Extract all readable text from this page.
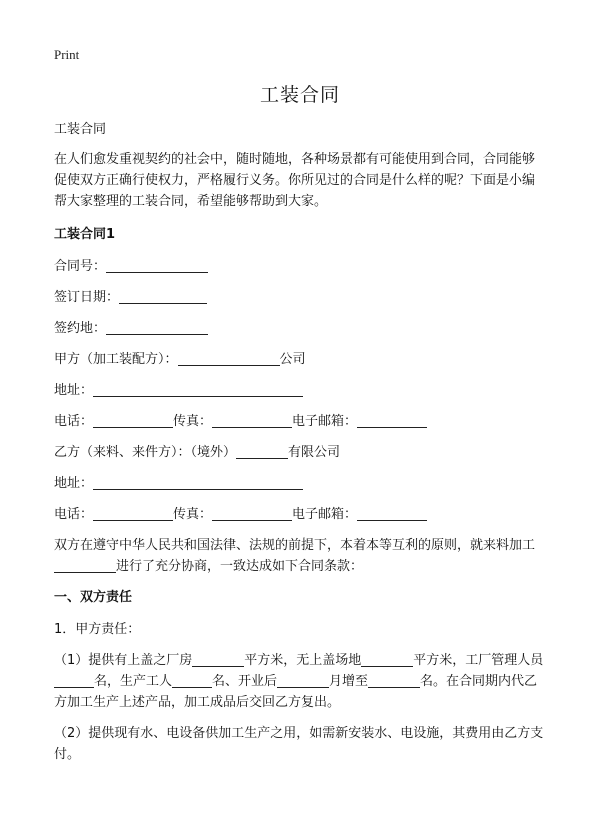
Print
工装合同

工装合同

在人们愈发重视契约的社会中，随时随地，各种场景都有可能使用到合同，合同能够促使双方正确行使权力，严格履行义务。你所见过的合同是什么样的呢？下面是小编帮大家整理的工装合同，希望能够帮助到大家。

工装合同1

合同号：

签订日期：

签约地：

甲方（加工装配方）：	公司

地址：

电话：	传真：	电子邮箱：

乙方（来料、来件方）：（境外）	有限公司

地址：

电话：	传真：	电子邮箱：

双方在遵守中华人民共和国法律、法规的前提下，本着本等互利的原则，就来料加工进行了充分协商，一致达成如下合同条款：

一、双方责任

1．甲方责任：

（1）提供有上盖之厂房	平方米，无上盖场地	平方米，工厂管理人员名，生产工人	名、开业后	月增至	名。在合同期内代乙方加工生产上述产品，加工成品后交回乙方复出。

（2）提供现有水、电设备供加工生产之用，如需新安装水、电设施，其费用由乙方支付。
